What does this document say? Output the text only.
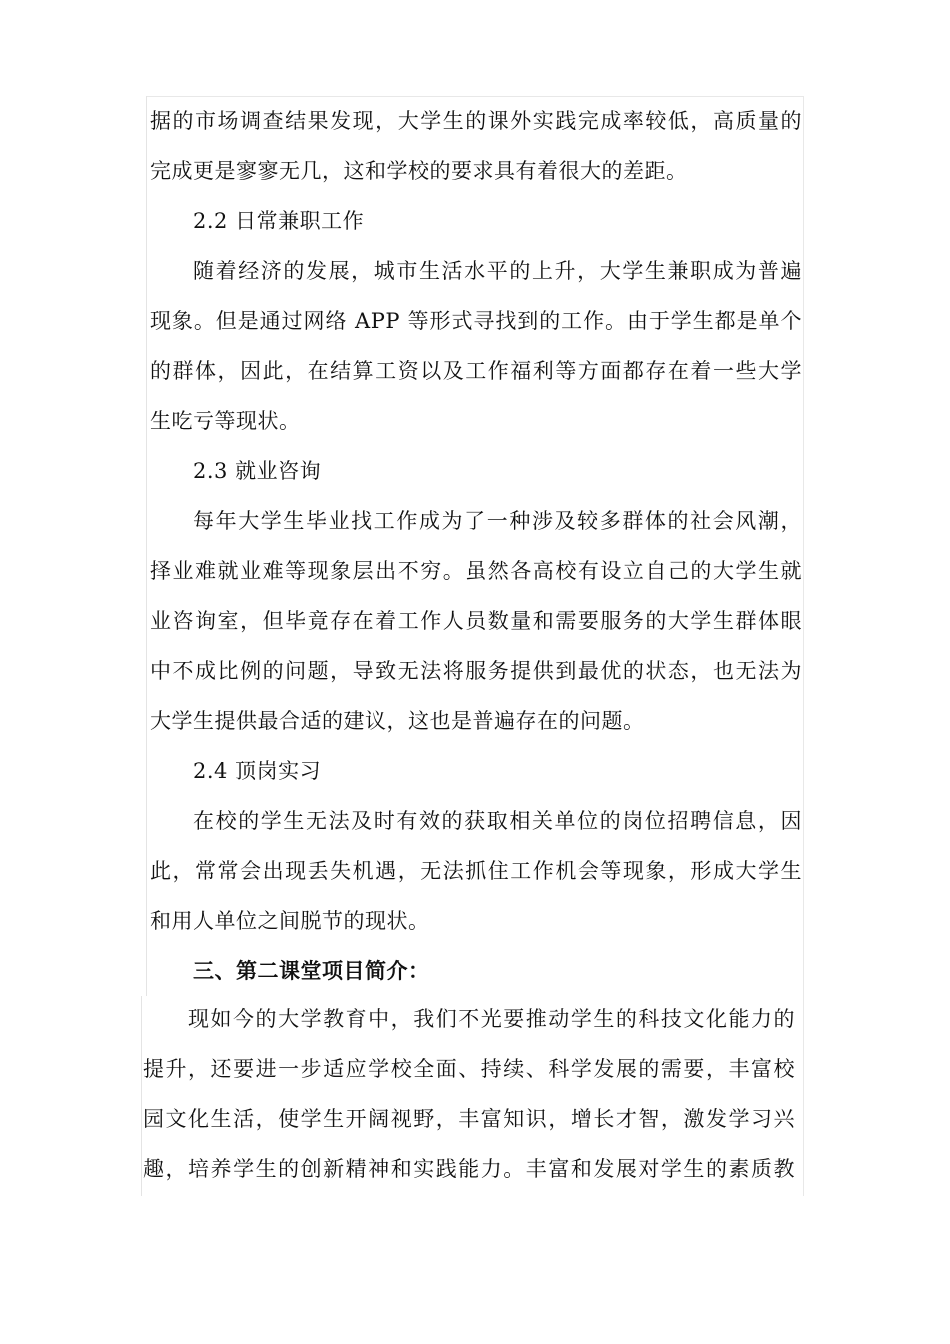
据的市场调查结果发现，大学生的课外实践完成率较低，高质量的
完成更是寥寥无几，这和学校的要求具有着很大的差距。
2.2 日常兼职工作
随着经济的发展，城市生活水平的上升，大学生兼职成为普遍
现象。但是通过网络 APP 等形式寻找到的工作。由于学生都是单个
的群体，因此，在结算工资以及工作福利等方面都存在着一些大学
生吃亏等现状。
2.3 就业咨询
每年大学生毕业找工作成为了一种涉及较多群体的社会风潮，
择业难就业难等现象层出不穷。虽然各高校有设立自己的大学生就
业咨询室，但毕竟存在着工作人员数量和需要服务的大学生群体眼
中不成比例的问题，导致无法将服务提供到最优的状态，也无法为
大学生提供最合适的建议，这也是普遍存在的问题。
2.4 顶岗实习
在校的学生无法及时有效的获取相关单位的岗位招聘信息，因
此，常常会出现丢失机遇，无法抓住工作机会等现象，形成大学生
和用人单位之间脱节的现状。
三、第二课堂项目简介：
现如今的大学教育中，我们不光要推动学生的科技文化能力的
提升，还要进一步适应学校全面、持续、科学发展的需要，丰富校
园文化生活，使学生开阔视野，丰富知识，增长才智，激发学习兴
趣，培养学生的创新精神和实践能力。丰富和发展对学生的素质教
